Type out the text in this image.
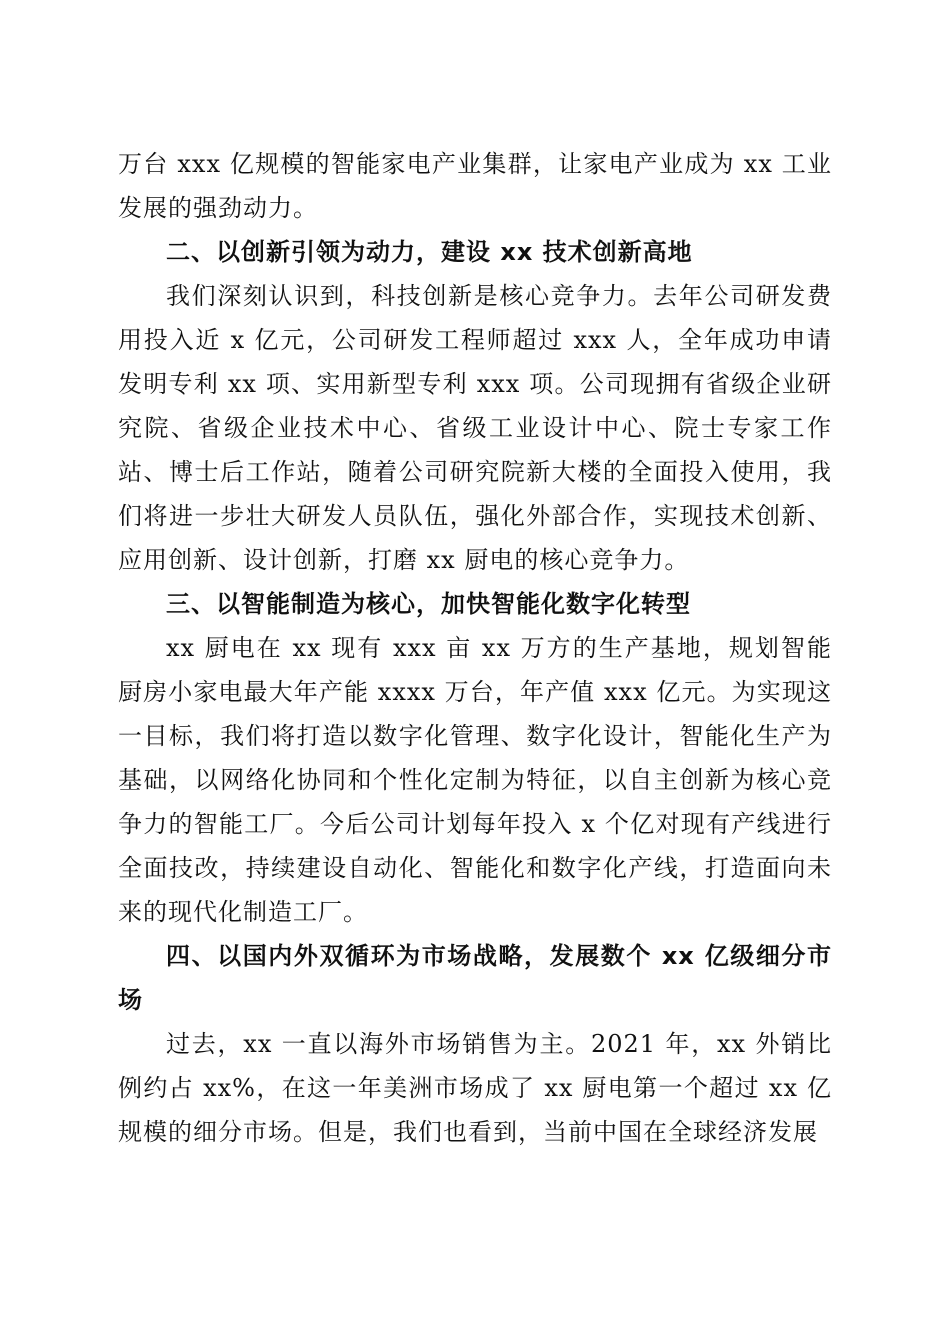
万台 xxx 亿规模的智能家电产业集群，让家电产业成为 xx 工业发展的强劲动力。

二、以创新引领为动力，建设 xx 技术创新高地

我们深刻认识到，科技创新是核心竞争力。去年公司研发费用投入近 x 亿元，公司研发工程师超过 xxx 人，全年成功申请发明专利 xx 项、实用新型专利 xxx 项。公司现拥有省级企业研究院、省级企业技术中心、省级工业设计中心、院士专家工作站、博士后工作站，随着公司研究院新大楼的全面投入使用，我们将进一步壮大研发人员队伍，强化外部合作，实现技术创新、应用创新、设计创新，打磨 xx 厨电的核心竞争力。

三、以智能制造为核心，加快智能化数字化转型

xx 厨电在 xx 现有 xxx 亩 xx 万方的生产基地，规划智能厨房小家电最大年产能 xxxx 万台，年产值 xxx 亿元。为实现这一目标，我们将打造以数字化管理、数字化设计，智能化生产为基础，以网络化协同和个性化定制为特征，以自主创新为核心竞争力的智能工厂。今后公司计划每年投入 x 个亿对现有产线进行全面技改，持续建设自动化、智能化和数字化产线，打造面向未来的现代化制造工厂。

四、以国内外双循环为市场战略，发展数个 xx 亿级细分市场

过去，xx 一直以海外市场销售为主。2021 年，xx 外销比例约占 xx%，在这一年美洲市场成了 xx 厨电第一个超过 xx 亿规模的细分市场。但是，我们也看到，当前中国在全球经济发展
